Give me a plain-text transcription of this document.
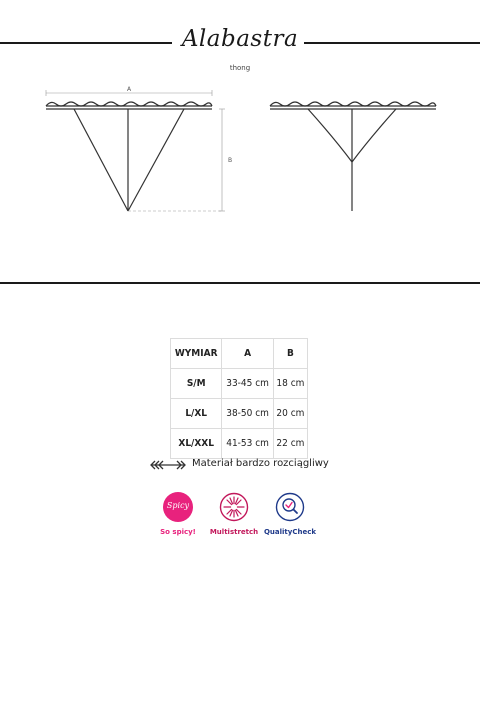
Alabastra
thong
A
B
WYMIAR	A	B
S/M	33-45 cm	18 cm
L/XL	38-50 cm	20 cm
XL/XXL	41-53 cm	22 cm
Materiał bardzo rozciągliwy
Spicy
So spicy!	Multistretch QualityCheck
